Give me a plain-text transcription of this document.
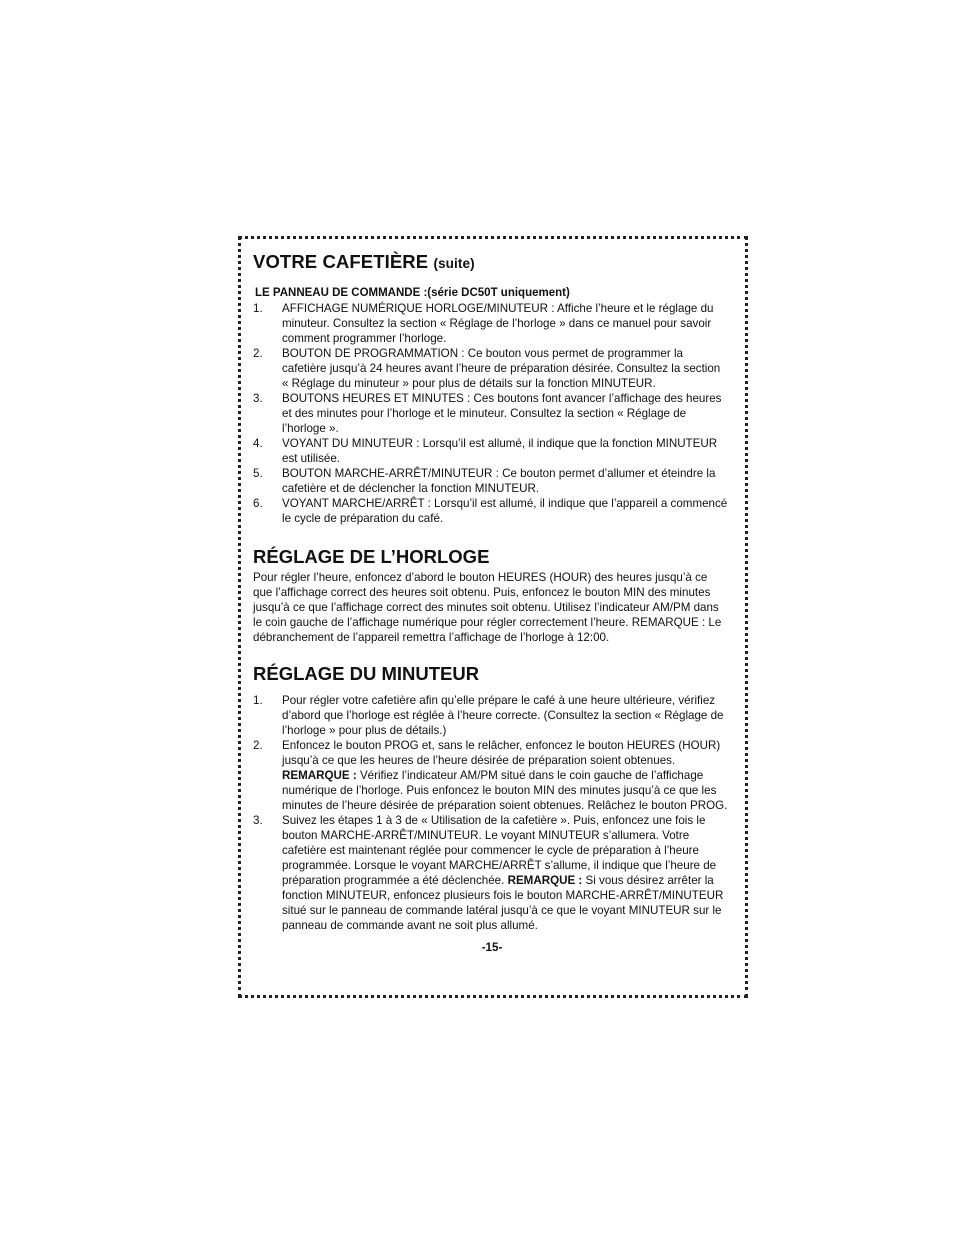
VOTRE CAFETIÈRE (suite)
LE PANNEAU DE COMMANDE :(série DC50T uniquement)
1. AFFICHAGE NUMÉRIQUE HORLOGE/MINUTEUR : Affiche l’heure et le réglage du minuteur. Consultez la section « Réglage de l’horloge » dans ce manuel pour savoir comment programmer l’horloge.
2. BOUTON DE PROGRAMMATION : Ce bouton vous permet de programmer la cafetière jusqu’à 24 heures avant l’heure de préparation désirée. Consultez la section « Réglage du minuteur » pour plus de détails sur la fonction MINUTEUR.
3. BOUTONS HEURES ET MINUTES : Ces boutons font avancer l’affichage des heures et des minutes pour l’horloge et le minuteur. Consultez la section « Réglage de l’horloge ».
4. VOYANT DU MINUTEUR : Lorsqu’il est allumé, il indique que la fonction MINUTEUR est utilisée.
5. BOUTON MARCHE-ARRÊT/MINUTEUR : Ce bouton permet d’allumer et éteindre la cafetière et de déclencher la fonction MINUTEUR.
6. VOYANT MARCHE/ARRÊT : Lorsqu’il est allumé, il indique que l’appareil a commencé le cycle de préparation du café.
RÉGLAGE DE L’HORLOGE

Pour régler l’heure, enfoncez d’abord le bouton HEURES (HOUR) des heures jusqu’à ce que l’affichage correct des heures soit obtenu. Puis, enfoncez le bouton MIN des minutes jusqu’à ce que l’affichage correct des minutes soit obtenu. Utilisez l’indicateur AM/PM dans le coin gauche de l’affichage numérique pour régler correctement l’heure. REMARQUE : Le débranchement de l’appareil remettra l’affichage de l’horloge à 12:00.

RÉGLAGE DU MINUTEUR
1. Pour régler votre cafetière afin qu’elle prépare le café à une heure ultérieure, vérifiez d’abord que l’horloge est réglée à l’heure correcte. (Consultez la section « Réglage de l’horloge » pour plus de détails.)
2. Enfoncez le bouton PROG et, sans le relâcher, enfoncez le bouton HEURES (HOUR) jusqu’à ce que les heures de l’heure désirée de préparation soient obtenues. REMARQUE : Vérifiez l’indicateur AM/PM situé dans le coin gauche de l’affichage numérique de l’horloge. Puis enfoncez le bouton MIN des minutes jusqu’à ce que les minutes de l’heure désirée de préparation soient obtenues. Relâchez le bouton PROG.
3. Suivez les étapes 1 à 3 de « Utilisation de la cafetière ». Puis, enfoncez une fois le bouton MARCHE-ARRÊT/MINUTEUR. Le voyant MINUTEUR s’allumera. Votre cafetière est maintenant réglée pour commencer le cycle de préparation à l’heure programmée. Lorsque le voyant MARCHE/ARRÊT s’allume, il indique que l’heure de préparation programmée a été déclenchée. REMARQUE : Si vous désirez arrêter la fonction MINUTEUR, enfoncez plusieurs fois le bouton MARCHE-ARRÊT/MINUTEUR situé sur le panneau de commande latéral jusqu’à ce que le voyant MINUTEUR sur le panneau de commande avant ne soit plus allumé.
-15-
